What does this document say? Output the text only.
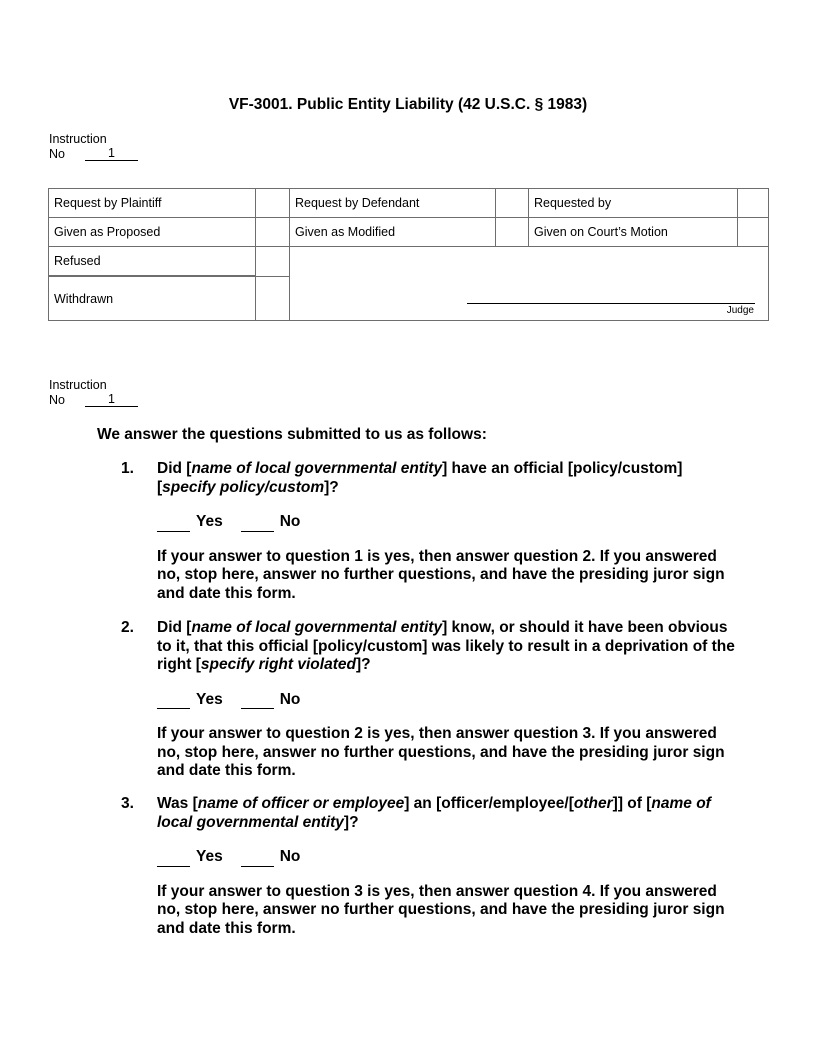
VF-3001. Public Entity Liability (42 U.S.C. § 1983)
Instruction
No	1
Request by Plaintiff	Request by Defendant	Requested by
Given as Proposed	Given as Modified	Given on Court’s Motion
Refused
Withdrawn
Judge
Instruction
No	1
We answer the questions submitted to us as follows:
1. Did [name of local governmental entity] have an official [policy/custom] [specify policy/custom]?
Yes	No
If your answer to question 1 is yes, then answer question 2. If you answered no, stop here, answer no further questions, and have the presiding juror sign and date this form.
2. Did [name of local governmental entity] know, or should it have been obvious to it, that this official [policy/custom] was likely to result in a deprivation of the right [specify right violated]?
Yes	No
If your answer to question 2 is yes, then answer question 3. If you answered no, stop here, answer no further questions, and have the presiding juror sign and date this form.
3. Was [name of officer or employee] an [officer/employee/[other]] of [name of local governmental entity]?
Yes	No
If your answer to question 3 is yes, then answer question 4. If you answered no, stop here, answer no further questions, and have the presiding juror sign and date this form.
